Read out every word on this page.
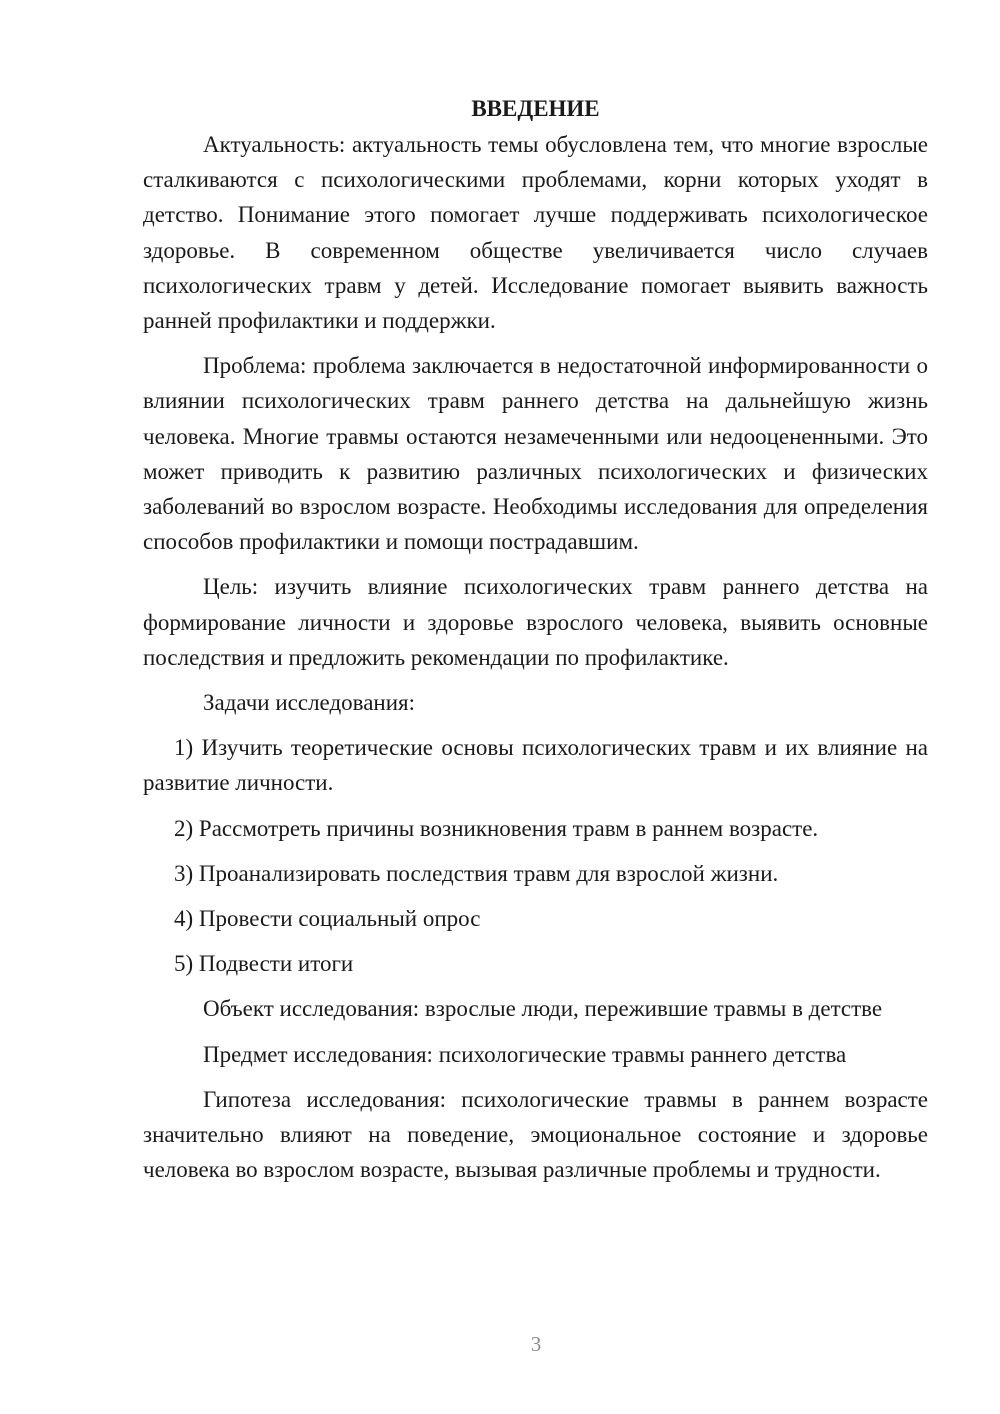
ВВЕДЕНИЕ

Актуальность: актуальность темы обусловлена тем, что многие взрослые сталкиваются с психологическими проблемами, корни которых уходят в детство. Понимание этого помогает лучше поддерживать психологическое здоровье. В современном обществе увеличивается число случаев психологических травм у детей. Исследование помогает выявить важность ранней профилактики и поддержки.

Проблема: проблема заключается в недостаточной информированности о влиянии психологических травм раннего детства на дальнейшую жизнь человека. Многие травмы остаются незамеченными или недооцененными. Это может приводить к развитию различных психологических и физических заболеваний во взрослом возрасте. Необходимы исследования для определения способов профилактики и помощи пострадавшим.

Цель: изучить влияние психологических травм раннего детства на формирование личности и здоровье взрослого человека, выявить основные последствия и предложить рекомендации по профилактике.

Задачи исследования:

1) Изучить теоретические основы психологических травм и их влияние на развитие личности.

2) Рассмотреть причины возникновения травм в раннем возрасте.

3) Проанализировать последствия травм для взрослой жизни.

4) Провести социальный опрос

5) Подвести итоги

Объект исследования: взрослые люди, пережившие травмы в детстве

Предмет исследования: психологические травмы раннего детства

Гипотеза исследования: психологические травмы в раннем возрасте значительно влияют на поведение, эмоциональное состояние и здоровье человека во взрослом возрасте, вызывая различные проблемы и трудности.

3
